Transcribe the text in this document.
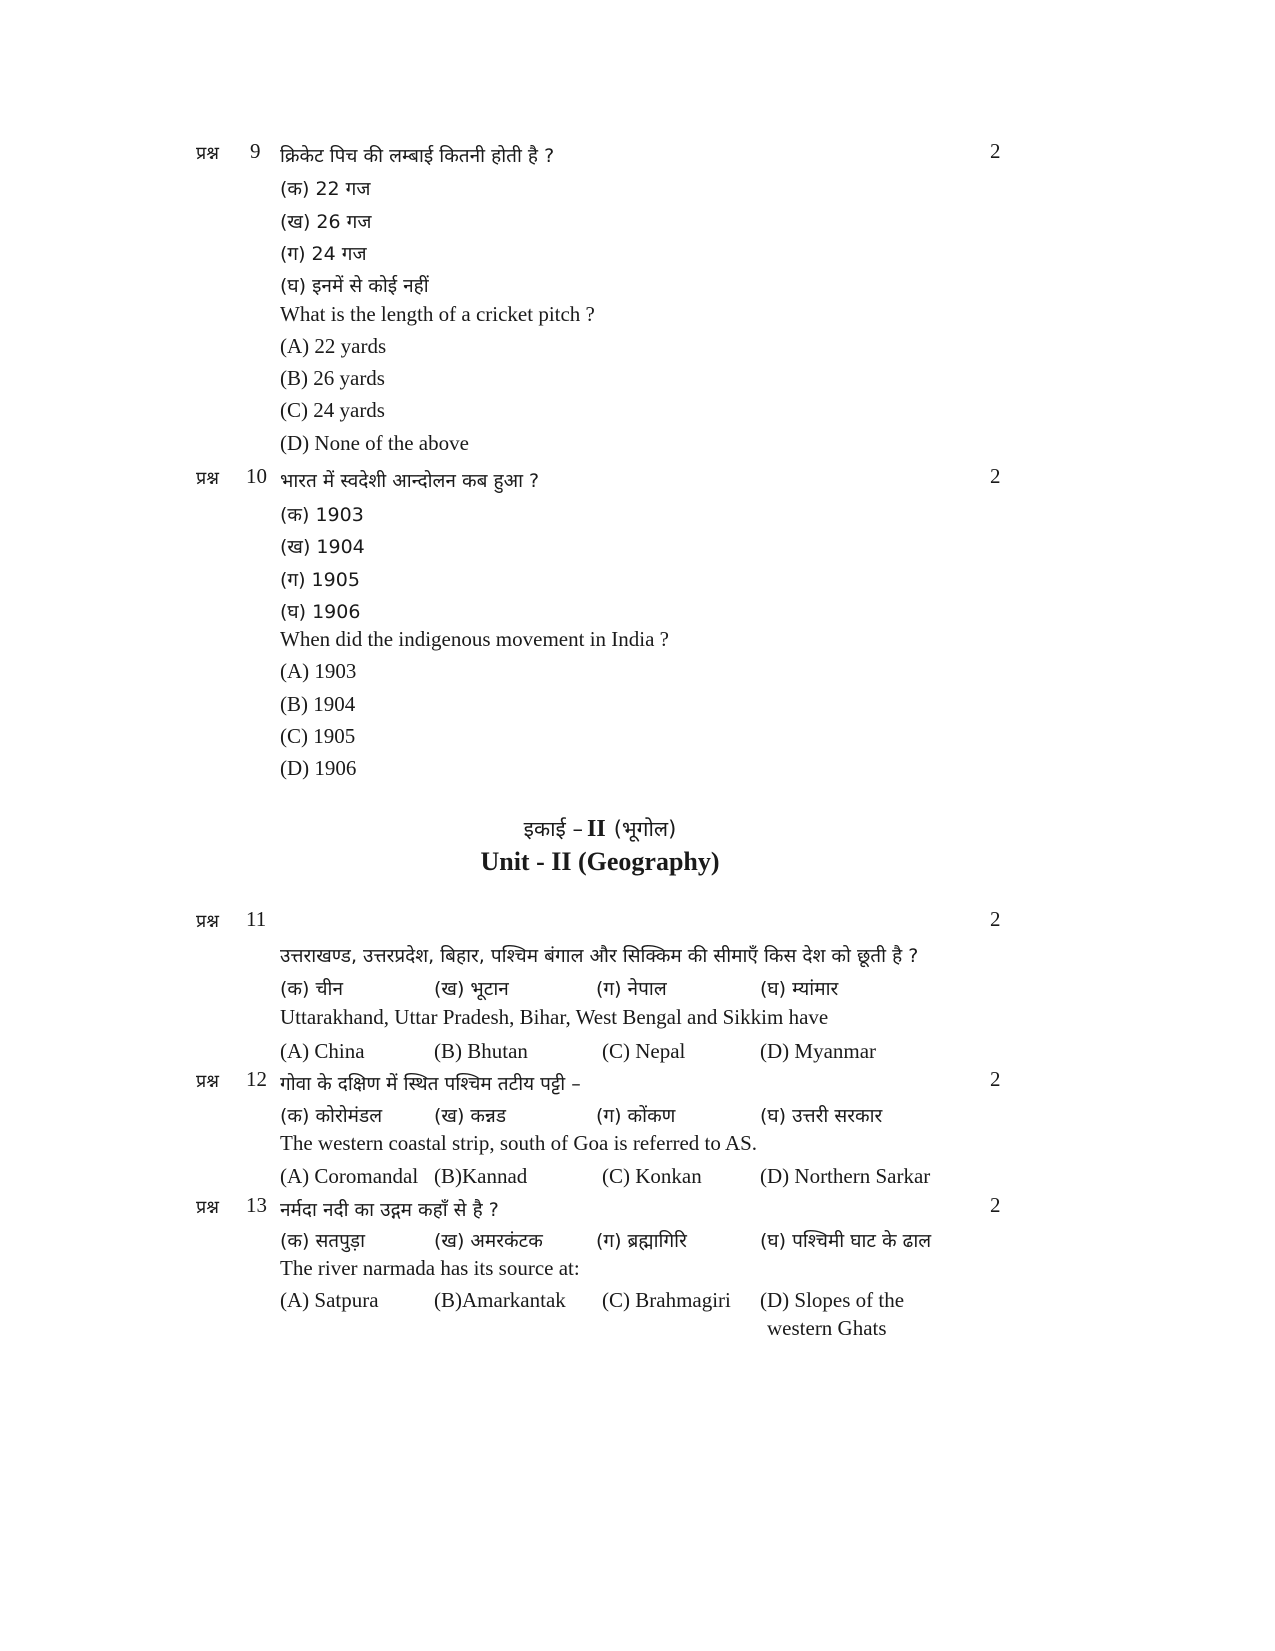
प्रश्न 9 क्रिकेट पिच की लम्बाई कितनी होती है ?	2
(क) 22 गज
(ख) 26 गज
(ग) 24 गज
(घ) इनमें से कोई नहीं
What is the length of a cricket pitch ?
(A) 22 yards
(B) 26 yards
(C) 24 yards
(D) None of the above
प्रश्न 10 भारत में स्वदेशी आन्दोलन कब हुआ ?	2
(क) 1903
(ख) 1904
(ग) 1905
(घ) 1906
When did the indigenous movement in India ?
(A) 1903
(B) 1904
(C) 1905
(D) 1906
इकाई – II (भूगोल)
Unit - II (Geography)
प्रश्न 11	2
उत्तराखण्ड, उत्तरप्रदेश, बिहार, पश्चिम बंगाल और सिक्किम की सीमाएँ किस देश को छूती है ?
(क) चीन	(ख) भूटान	(ग) नेपाल	(घ) म्यांमार
Uttarakhand, Uttar Pradesh, Bihar, West Bengal and Sikkim have
(A) China	(B) Bhutan	(C) Nepal	(D) Myanmar
प्रश्न 12 गोवा के दक्षिण में स्थित पश्चिम तटीय पट्टी –	2
(क) कोरोमंडल	(ख) कन्नड	(ग) कोंकण	(घ) उत्तरी सरकार
The western coastal strip, south of Goa is referred to AS.
(A) Coromandal (B)Kannad	(C) Konkan	(D) Northern Sarkar
प्रश्न 13 नर्मदा नदी का उद्गम कहाँ से है ?	2
(क) सतपुड़ा	(ख) अमरकंटक	(ग) ब्रह्मागिरि	(घ) पश्चिमी घाट के ढाल
The river narmada has its source at:
(A) Satpura	(B)Amarkantak (C) Brahmagiri (D) Slopes of the
western Ghats
